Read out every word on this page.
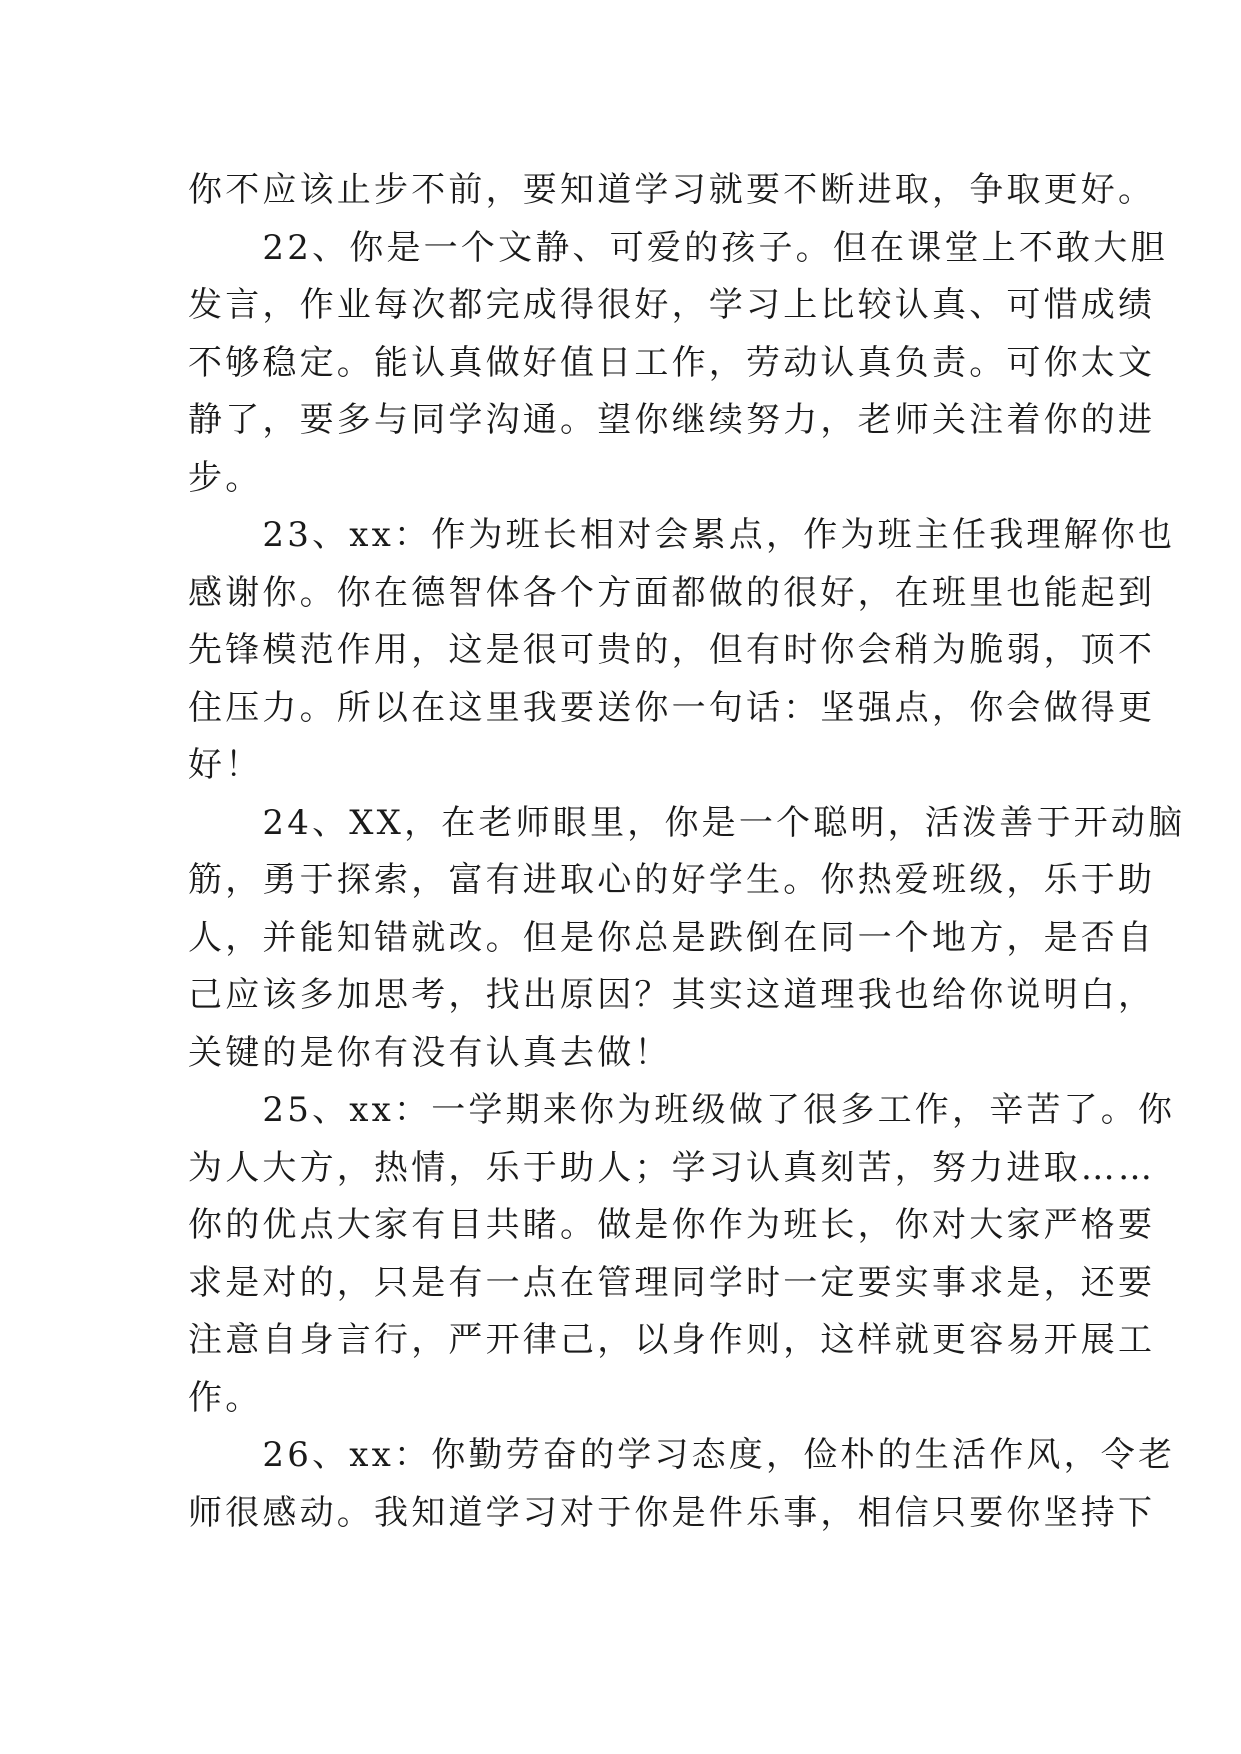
你不应该止步不前，要知道学习就要不断进取，争取更好。
　　22、你是一个文静、可爱的孩子。但在课堂上不敢大胆
发言，作业每次都完成得很好，学习上比较认真、可惜成绩
不够稳定。能认真做好值日工作，劳动认真负责。可你太文
静了，要多与同学沟通。望你继续努力，老师关注着你的进
步。
　　23、xx：作为班长相对会累点，作为班主任我理解你也
感谢你。你在德智体各个方面都做的很好，在班里也能起到
先锋模范作用，这是很可贵的，但有时你会稍为脆弱，顶不
住压力。所以在这里我要送你一句话：坚强点，你会做得更
好！
　　24、XX，在老师眼里，你是一个聪明，活泼善于开动脑
筋，勇于探索，富有进取心的好学生。你热爱班级，乐于助
人，并能知错就改。但是你总是跌倒在同一个地方，是否自
己应该多加思考，找出原因？其实这道理我也给你说明白，
关键的是你有没有认真去做！
　　25、xx：一学期来你为班级做了很多工作，辛苦了。你
为人大方，热情，乐于助人；学习认真刻苦，努力进取……
你的优点大家有目共睹。做是你作为班长，你对大家严格要
求是对的，只是有一点在管理同学时一定要实事求是，还要
注意自身言行，严开律己，以身作则，这样就更容易开展工
作。
　　26、xx：你勤劳奋的学习态度，俭朴的生活作风，令老
师很感动。我知道学习对于你是件乐事，相信只要你坚持下
